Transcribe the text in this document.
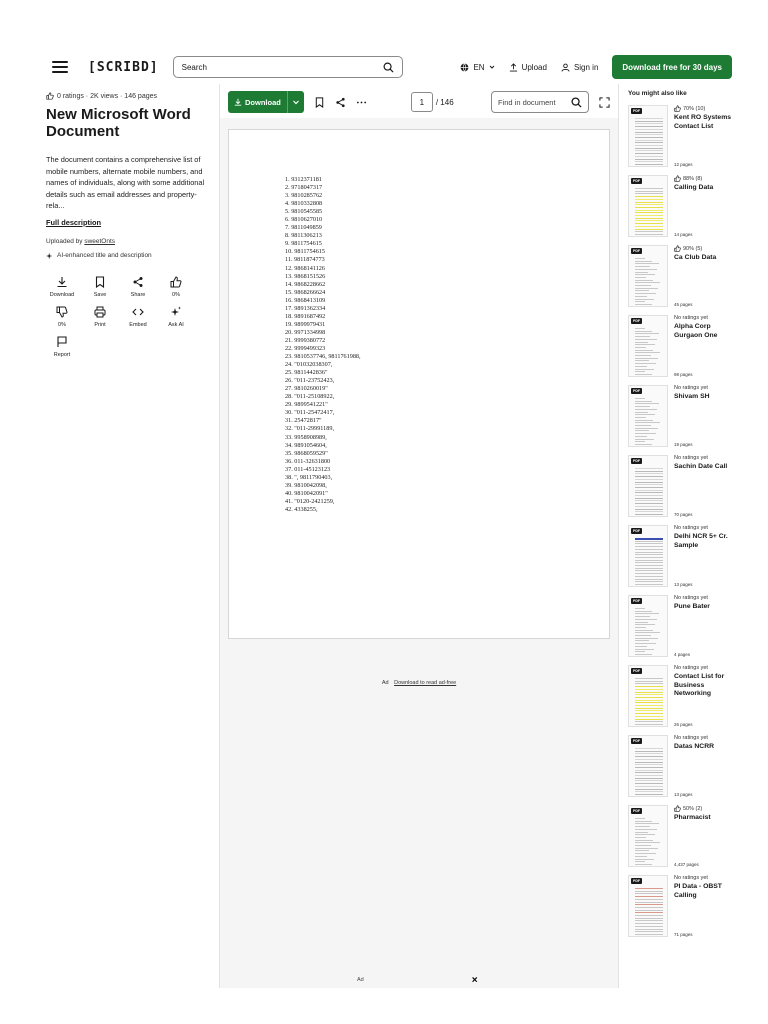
[SCRIBD]	Search	EN	Upload	Sign in	Download free for 30 days
0 ratings · 2K views · 146 pages
New Microsoft Word Document
The document contains a comprehensive list of mobile numbers, alternate mobile numbers, and names of individuals, along with some additional details such as email addresses and property-rela...
Full description
Uploaded by sweetOnts
AI-enhanced title and description
Download	Save	Share	0%
0%	Print	Embed	Ask AI
Report
Download	1	/ 146	Find in document
1. 9312371181
2. 9718047317
3. 9810285762
4. 9810332808
5. 9810545585
6. 9810627010
7. 9811049859
8. 9811306213
9. 9811754615
10. 9811754615
11. 9811874773
12. 9868141126
13. 9868151526
14. 9868228662
15. 9868266624
16. 9868413109
17. 9891362334
18. 9891687492
19. 9899979431
20. 9971334998
21. 9999380772
22. 9999499323
23. 9810537746, 9811761988,
24. "01032038307,
25. 9811442836"
26. "011-23752423,
27. 9810260019"
28. "011-25108922,
29. 9899541221"
30. "011-25472417,
31. 25472817"
32. "011-29991189,
33. 9958908989,
34. 9891054604,
35. 9868059529"
36. 011-32631800
37. 011-45123123
38. ", 9811790403,
39. 9810042098,
40. 9810042091"
41. "0120-2421259,
42. 4338255,
Ad Download to read ad-free
Ad	×
You might also like
PDF	70% (10)
Kent RO Systems Contact List
12 pages
PDF	88% (8)
Calling Data
14 pages
PDF	90% (5)
Ca Club Data
45 pages
PDF	No ratings yet
Alpha Corp Gurgaon One
98 pages
PDF	No ratings yet
Shivam SH
19 pages
PDF	No ratings yet
Sachin Date Call
70 pages
PDF	No ratings yet
Delhi NCR 5+ Cr. Sample
13 pages
PDF	No ratings yet
Pune Bater
4 pages
PDF	No ratings yet
Contact List for Business Networking
26 pages
PDF	No ratings yet
Datas NCRR
13 pages
PDF	50% (2)
Pharmacist
4,437 pages
PDF	No ratings yet
PI Data - OBST Calling
71 pages
